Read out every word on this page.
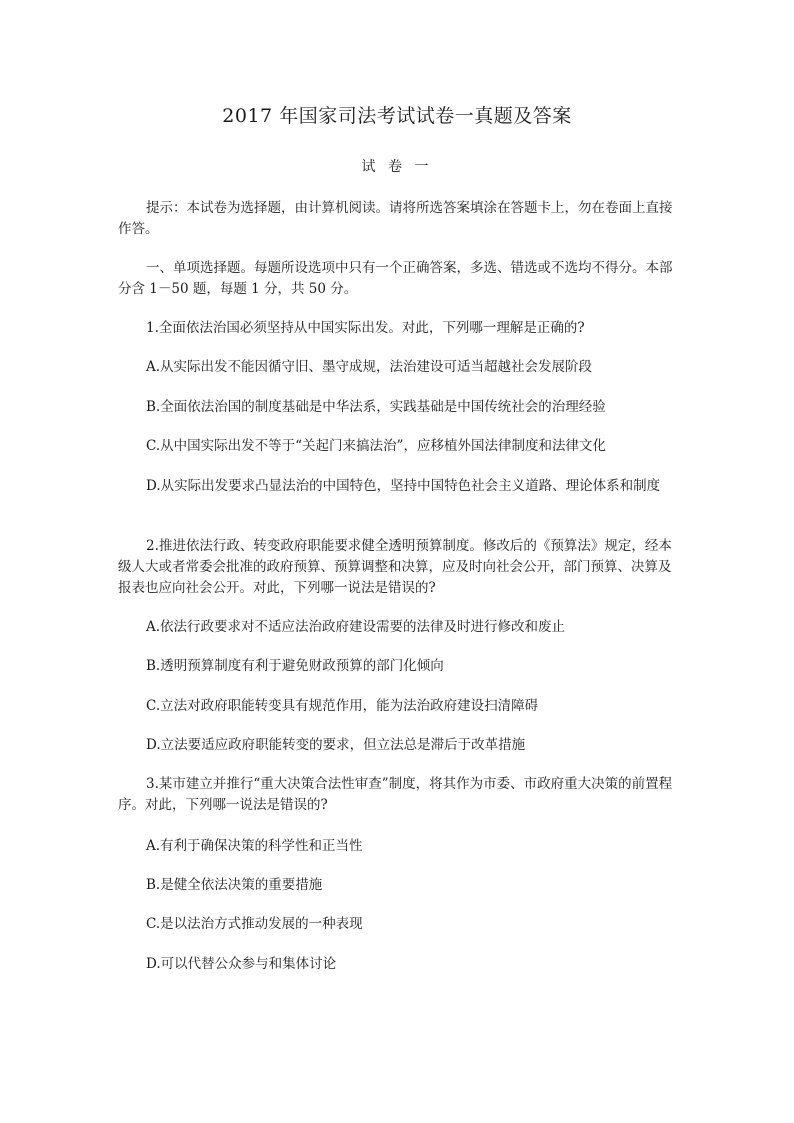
2017 年国家司法考试试卷一真题及答案
试 卷 一

提示：本试卷为选择题，由计算机阅读。请将所选答案填涂在答题卡上，勿在卷面上直接作答。

一、单项选择题。每题所设选项中只有一个正确答案，多选、错选或不选均不得分。本部分含 1－50 题，每题 1 分，共 50 分。

1.全面依法治国必须坚持从中国实际出发。对此，下列哪一理解是正确的?

A.从实际出发不能因循守旧、墨守成规，法治建设可适当超越社会发展阶段

B.全面依法治国的制度基础是中华法系，实践基础是中国传统社会的治理经验

C.从中国实际出发不等于“关起门来搞法治”，应移植外国法律制度和法律文化

D.从实际出发要求凸显法治的中国特色，坚持中国特色社会主义道路、理论体系和制度

2.推进依法行政、转变政府职能要求健全透明预算制度。修改后的《预算法》规定，经本级人大或者常委会批准的政府预算、预算调整和决算，应及时向社会公开，部门预算、决算及报表也应向社会公开。对此，下列哪一说法是错误的?

A.依法行政要求对不适应法治政府建设需要的法律及时进行修改和废止

B.透明预算制度有利于避免财政预算的部门化倾向

C.立法对政府职能转变具有规范作用，能为法治政府建设扫清障碍

D.立法要适应政府职能转变的要求，但立法总是滞后于改革措施

3.某市建立并推行“重大决策合法性审查”制度，将其作为市委、市政府重大决策的前置程序。对此，下列哪一说法是错误的?

A.有利于确保决策的科学性和正当性

B.是健全依法决策的重要措施

C.是以法治方式推动发展的一种表现

D.可以代替公众参与和集体讨论
